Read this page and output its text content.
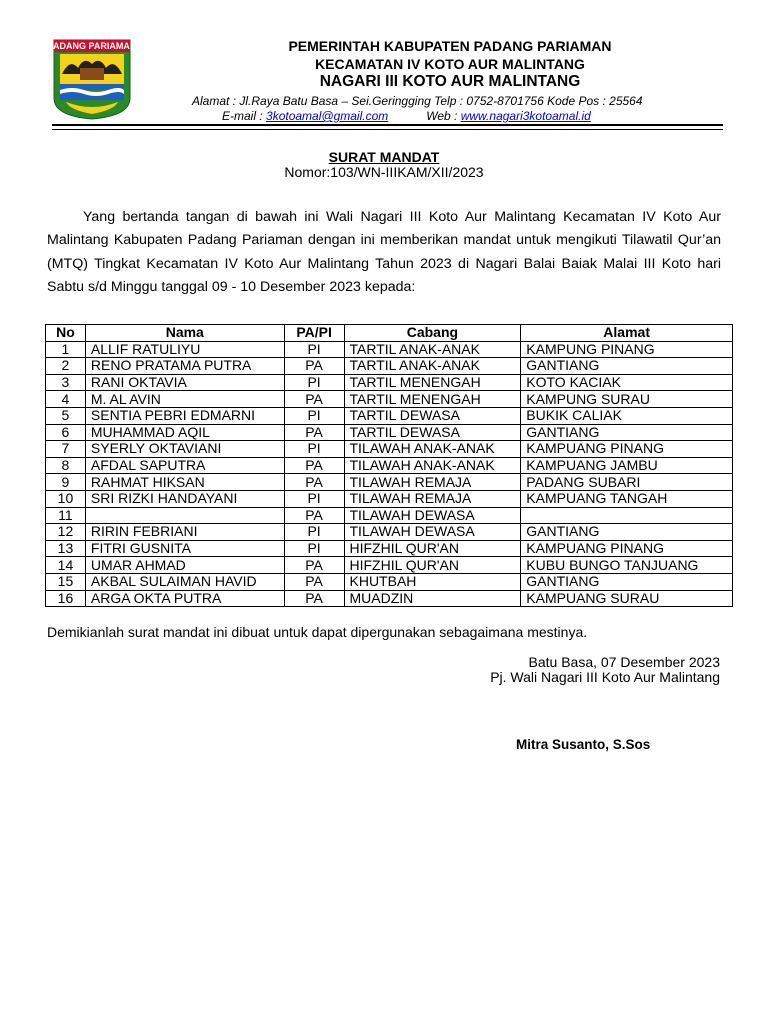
PADANG PARIAMAN	PEMERINTAH KABUPATEN PADANG PARIAMAN
KECAMATAN IV KOTO AUR MALINTANG
NAGARI III KOTO AUR MALINTANG
Alamat : Jl.Raya Batu Basa – Sei.Geringging Telp : 0752-8701756 Kode Pos : 25564
E-mail : 3kotoamal@gmail.com	Web : www.nagari3kotoamal.id
SURAT MANDAT
Nomor:103/WN-IIIKAM/XII/2023

Yang bertanda tangan di bawah ini Wali Nagari III Koto Aur Malintang Kecamatan IV Koto Aur Malintang Kabupaten Padang Pariaman dengan ini memberikan mandat untuk mengikuti Tilawatil Qur’an (MTQ) Tingkat Kecamatan IV Koto Aur Malintang Tahun 2023 di Nagari Balai Baiak Malai III Koto hari Sabtu s/d Minggu tanggal 09 - 10 Desember 2023 kepada:

No	Nama	PA/PI	Cabang	Alamat
1	ALLIF RATULIYU	PI	TARTIL ANAK-ANAK	KAMPUNG PINANG
2	RENO PRATAMA PUTRA	PA	TARTIL ANAK-ANAK	GANTIANG
3	RANI OKTAVIA	PI	TARTIL MENENGAH	KOTO KACIAK
4	M. AL AVIN	PA	TARTIL MENENGAH	KAMPUNG SURAU
5	SENTIA PEBRI EDMARNI	PI	TARTIL DEWASA	BUKIK CALIAK
6	MUHAMMAD AQIL	PA	TARTIL DEWASA	GANTIANG
7	SYERLY OKTAVIANI	PI	TILAWAH ANAK-ANAK	KAMPUANG PINANG
8	AFDAL SAPUTRA	PA	TILAWAH ANAK-ANAK	KAMPUANG JAMBU
9	RAHMAT HIKSAN	PA	TILAWAH REMAJA	PADANG SUBARI
10	SRI RIZKI HANDAYANI	PI	TILAWAH REMAJA	KAMPUANG TANGAH
11		PA	TILAWAH DEWASA	
12	RIRIN FEBRIANI	PI	TILAWAH DEWASA	GANTIANG
13	FITRI GUSNITA	PI	HIFZHIL QUR'AN	KAMPUANG PINANG
14	UMAR AHMAD	PA	HIFZHIL QUR'AN	KUBU BUNGO TANJUANG
15	AKBAL SULAIMAN HAVID	PA	KHUTBAH	GANTIANG
16	ARGA OKTA PUTRA	PA	MUADZIN	KAMPUANG SURAU
Demikianlah surat mandat ini dibuat untuk dapat dipergunakan sebagaimana mestinya.
Batu Basa, 07 Desember 2023
Pj. Wali Nagari III Koto Aur Malintang
Mitra Susanto, S.Sos
